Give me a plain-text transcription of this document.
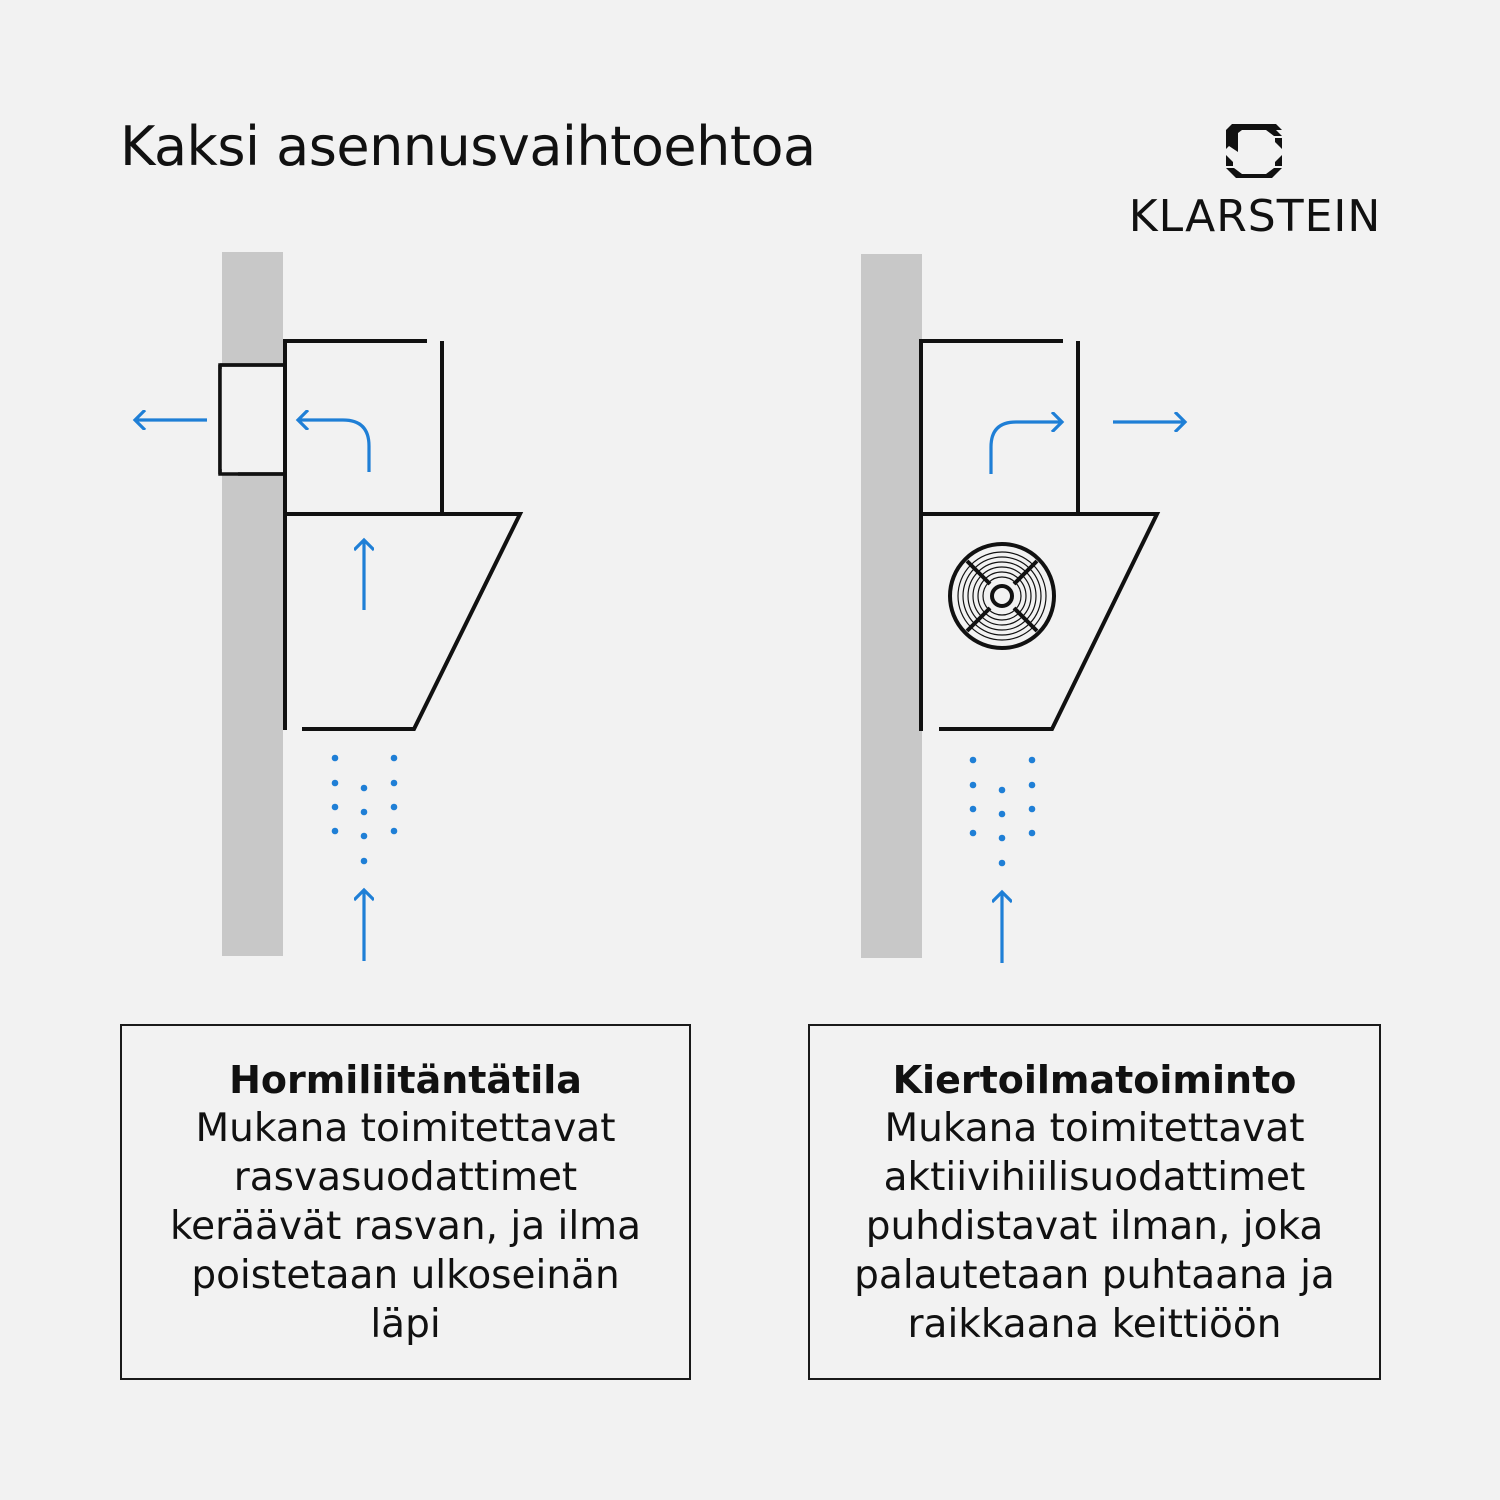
Kaksi asennusvaihtoehtoa
KLARSTEIN
Hormiliitäntätila
Mukana toimitettavat
rasvasuodattimet
keräävät rasvan, ja ilma
poistetaan ulkoseinän
läpi
Kiertoilmatoiminto
Mukana toimitettavat
aktiivihiilisuodattimet
puhdistavat ilman, joka
palautetaan puhtaana ja
raikkaana keittiöön
